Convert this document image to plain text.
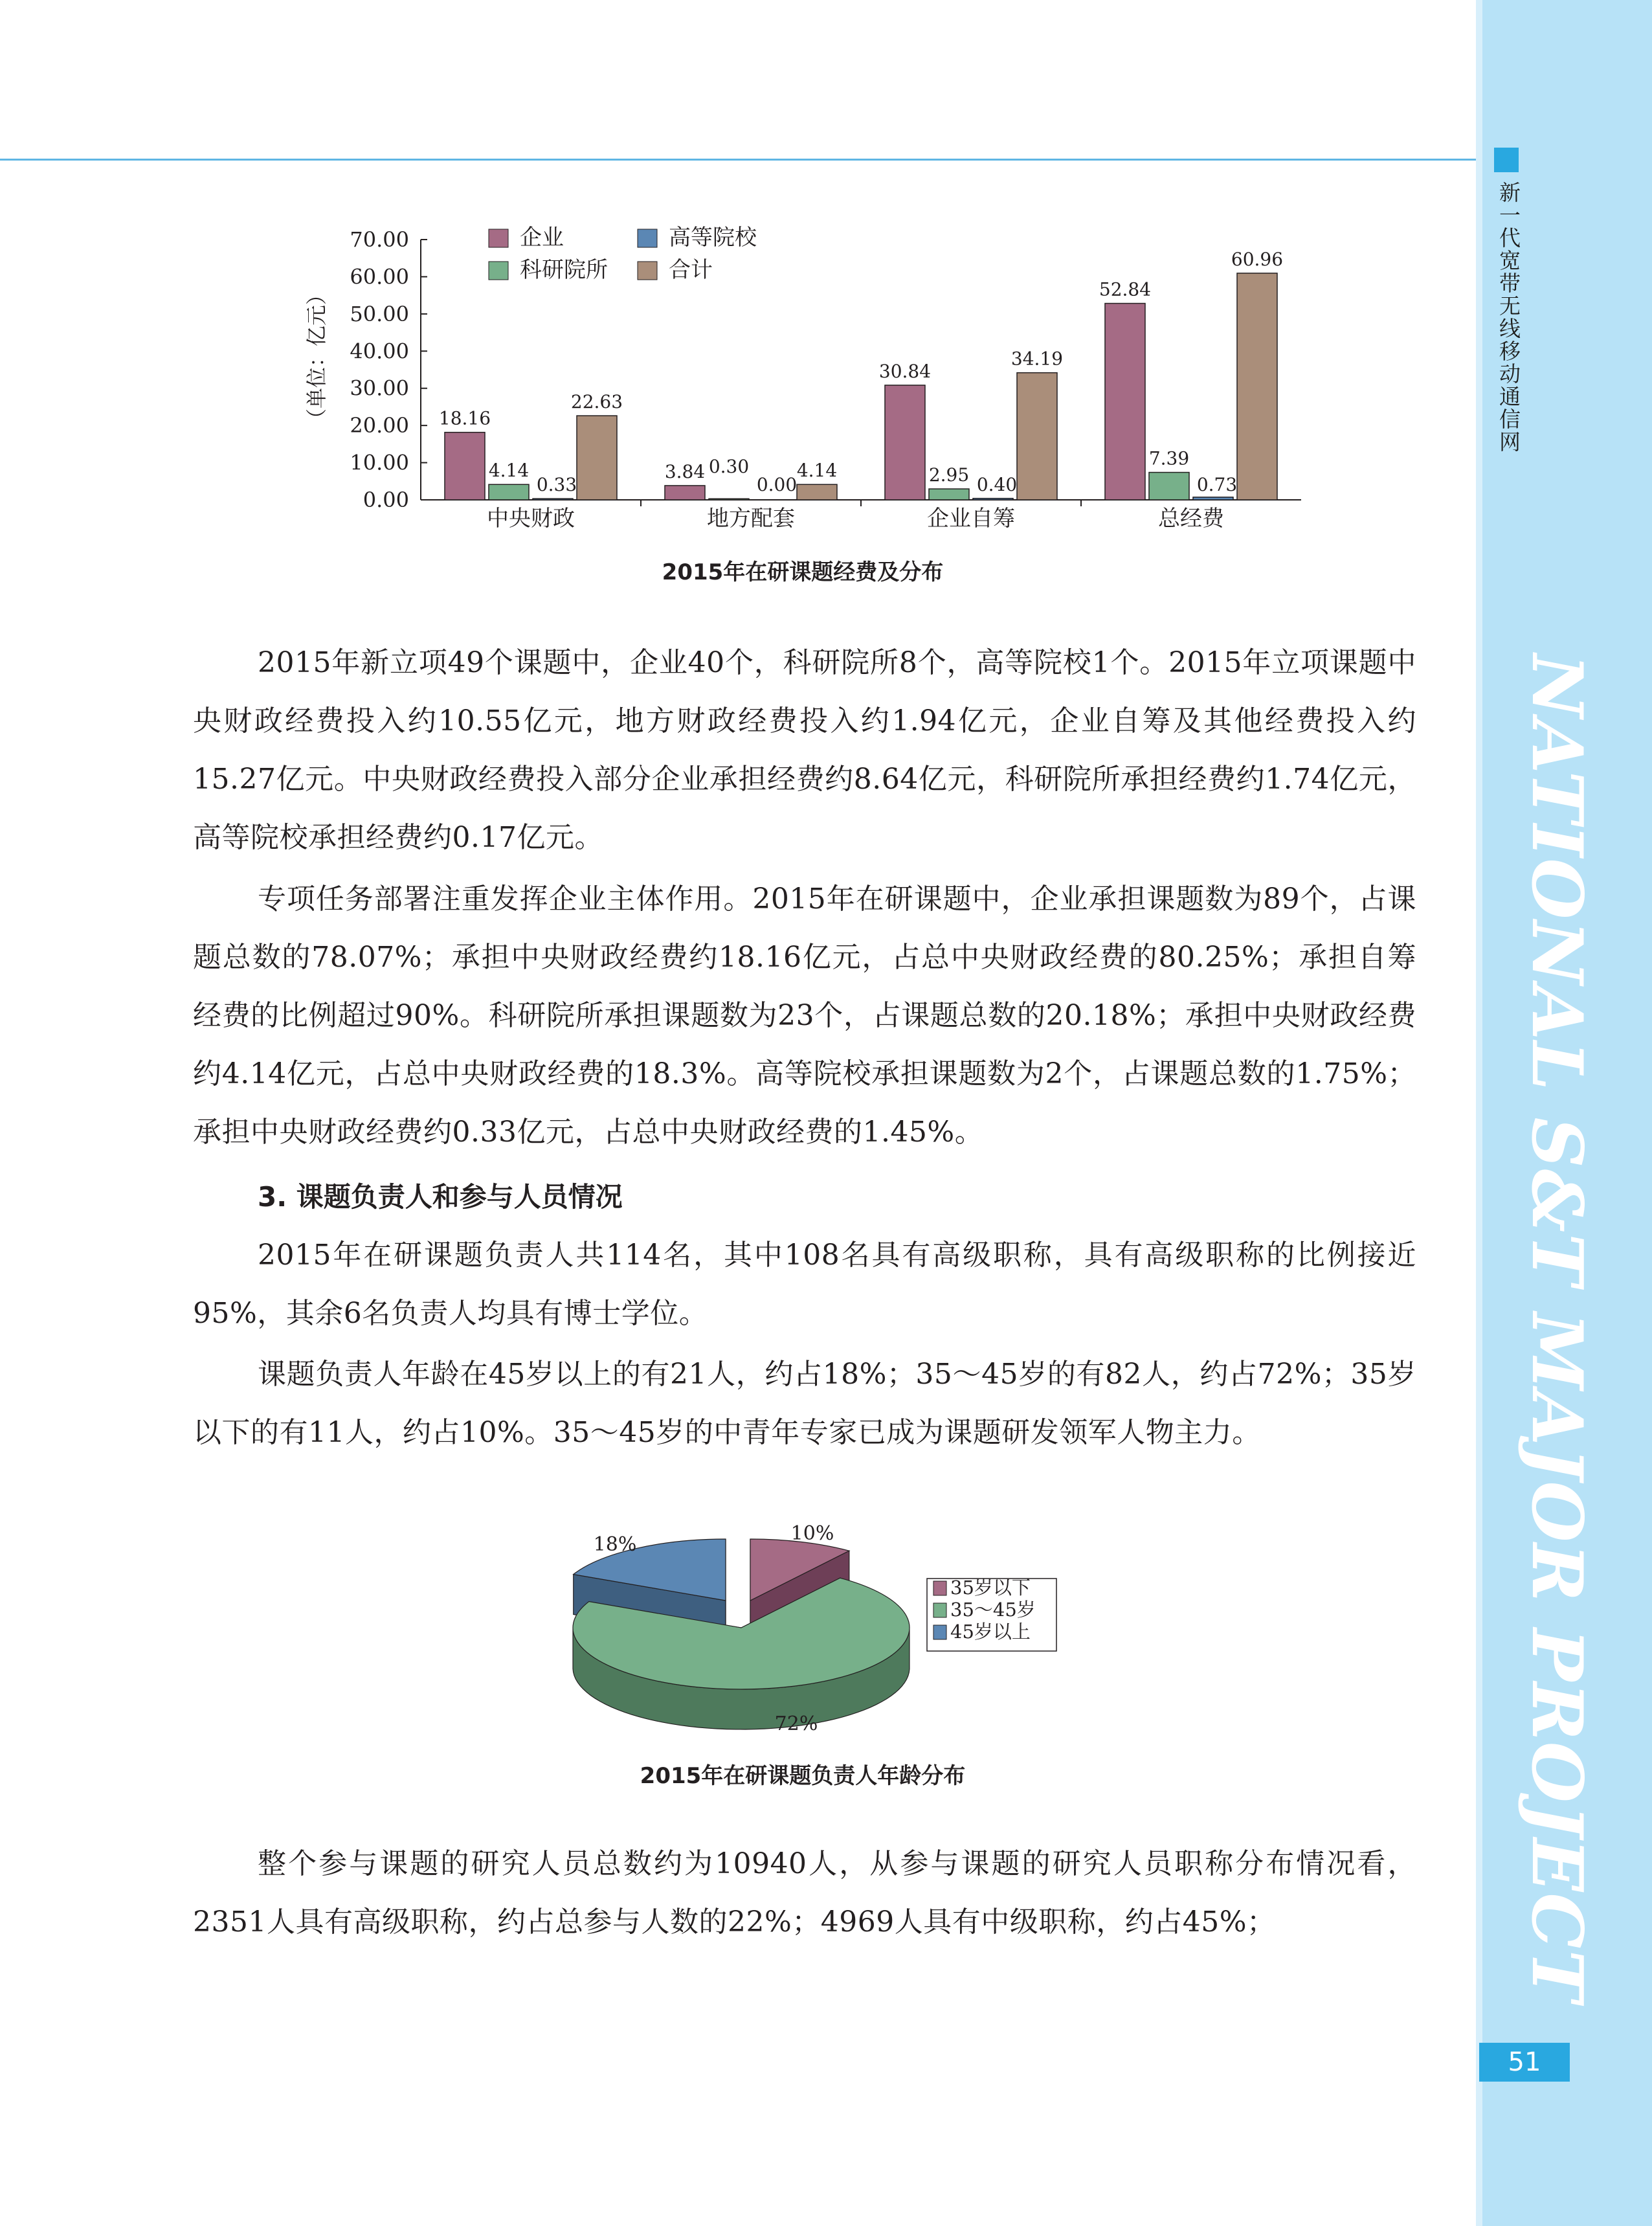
新一代宽带无线移动通信网
NATIONAL S&T MAJOR PROJECT
51
0.00
10.00
20.00
30.00
40.00
50.00
60.00
70.00
（单位：亿元）
中央财政
18.16
4.14
0.33
22.63
地方配套
3.84 0.30
0.00
4.14
企业自筹
30.84
2.95 0.40
34.19
总经费
52.84
7.39
0.73
60.96
企业	高等院校
科研院所	合计
2015年在研课题经费及分布

2015年新立项49个课题中，企业40个，科研院所8个，高等院校1个。2015年立项课题中央财政经费投入约10.55亿元，地方财政经费投入约1.94亿元，企业自筹及其他经费投入约15.27亿元。中央财政经费投入部分企业承担经费约8.64亿元，科研院所承担经费约1.74亿元，高等院校承担经费约0.17亿元。

专项任务部署注重发挥企业主体作用。2015年在研课题中，企业承担课题数为89个，占课题总数的78.07%；承担中央财政经费约18.16亿元，占总中央财政经费的80.25%；承担自筹经费的比例超过90%。科研院所承担课题数为23个，占课题总数的20.18%；承担中央财政经费约4.14亿元，占总中央财政经费的18.3%。高等院校承担课题数为2个，占课题总数的1.75%；承担中央财政经费约0.33亿元，占总中央财政经费的1.45%。

3. 课题负责人和参与人员情况

2015年在研课题负责人共114名，其中108名具有高级职称，具有高级职称的比例接近95%，其余6名负责人均具有博士学位。

课题负责人年龄在45岁以上的有21人，约占18%；35～45岁的有82人，约占72%；35岁以下的有11人，约占10%。35～45岁的中青年专家已成为课题研发领军人物主力。

10%
72%
18%
35岁以下
35～45岁
45岁以上
2015年在研课题负责人年龄分布

整个参与课题的研究人员总数约为10940人，从参与课题的研究人员职称分布情况看，2351人具有高级职称，约占总参与人数的22%；4969人具有中级职称，约占45%；
